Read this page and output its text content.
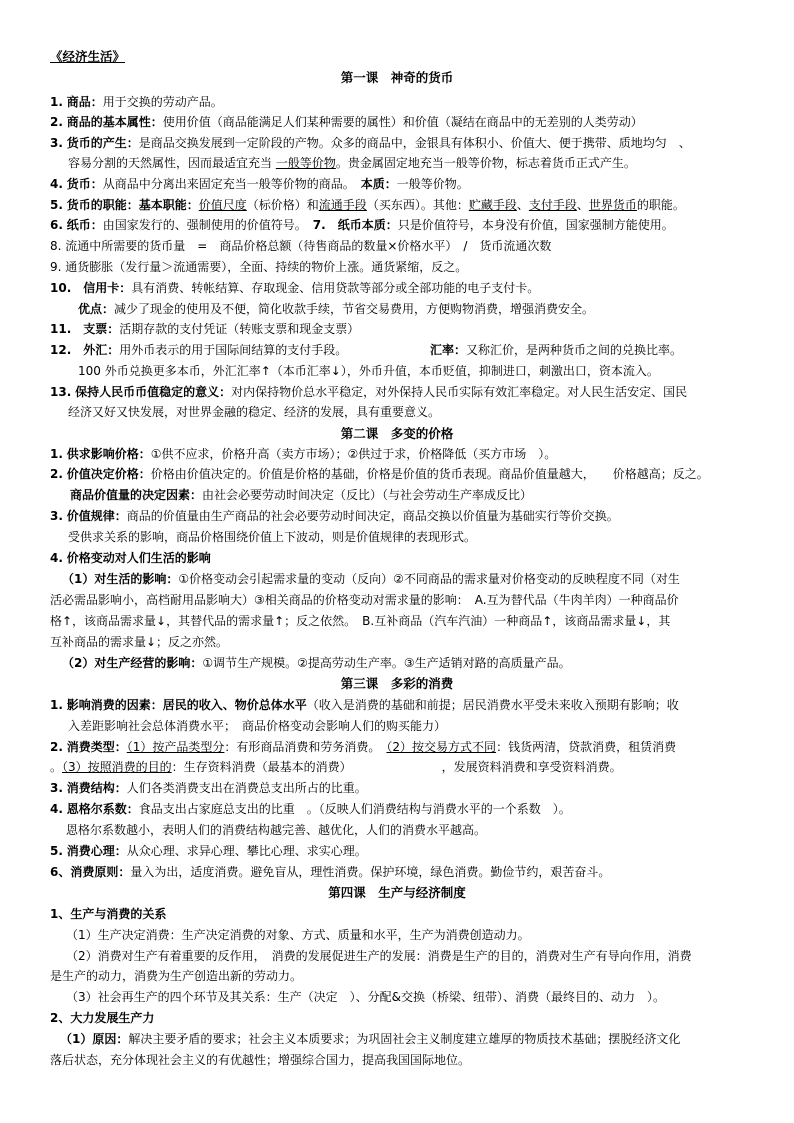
《经济生活》
第一课　神奇的货币
1. 商品：用于交换的劳动产品。
2. 商品的基本属性：使用价值（商品能满足人们某种需要的属性）和价值（凝结在商品中的无差别的人类劳动）
3. 货币的产生：是商品交换发展到一定阶段的产物。众多的商品中，金银具有体积小、价值大、便于携带、质地均匀　、
容易分割的天然属性，因而最适宜充当 一般等价物。贵金属固定地充当一般等价物，标志着货币正式产生。
4. 货币：从商品中分离出来固定充当一般等价物的商品。　本质：一般等价物。
5. 货币的职能：基本职能：价值尺度（标价格）和流通手段（买东西）。其他：贮藏手段、支付手段、世界货币的职能。
6. 纸币：由国家发行的、强制使用的价值符号。　7.　纸币本质：只是价值符号，本身没有价值，国家强制方能使用。
8. 流通中所需要的货币量　=　商品价格总额（待售商品的数量×价格水平）　/　货币流通次数
9. 通货膨胀（发行量＞流通需要），全面、持续的物价上涨。通货紧缩，反之。
10.　 信用卡：具有消费、转帐结算、存取现金、信用贷款等部分或全部功能的电子支付卡。
优点：减少了现金的使用及不便，简化收款手续，节省交易费用，方便购物消费，增强消费安全。
11.　 支票：活期存款的支付凭证（转账支票和现金支票）
12.　 外汇：用外币表示的用于国际间结算的支付手段。	汇率：又称汇价，是两种货币之间的兑换比率。
100 外币兑换更多本币，外汇汇率↑（本币汇率↓），外币升值，本币贬值，抑制进口，刺激出口，资本流入。
13. 保持人民币币值稳定的意义：对内保持物价总水平稳定，对外保持人民币实际有效汇率稳定。对人民生活安定、国民
经济又好又快发展，对世界金融的稳定、经济的发展，具有重要意义。
第二课　多变的价格
1. 供求影响价格：①供不应求，价格升高（卖方市场）；②供过于求，价格降低（买方市场　）。
2. 价值决定价格：价格由价值决定的。价值是价格的基础，价格是价值的货币表现。商品价值量越大，　　价格越高；反之。
商品价值量的决定因素：由社会必要劳动时间决定（反比）（与社会劳动生产率成反比）
3. 价值规律：商品的价值量由生产商品的社会必要劳动时间决定，商品交换以价值量为基础实行等价交换。
受供求关系的影响，商品价格围绕价值上下波动，则是价值规律的表现形式。
4. 价格变动对人们生活的影响
（1）对生活的影响：①价格变动会引起需求量的变动（反向）②不同商品的需求量对价格变动的反映程度不同（对生
活必需品影响小，高档耐用品影响大）③相关商品的价格变动对需求量的影响：　A.互为替代品（牛肉羊肉）一种商品价
格↑，该商品需求量↓，其替代品的需求量↑；反之依然。　B.互补商品（汽车汽油）一种商品↑，该商品需求量↓，其
互补商品的需求量↓；反之亦然。
（2）对生产经营的影响：①调节生产规模。②提高劳动生产率。③生产适销对路的高质量产品。
第三课　多彩的消费
1. 影响消费的因素：居民的收入、物价总体水平（收入是消费的基础和前提；居民消费水平受未来收入预期有影响；收
入差距影响社会总体消费水平；　商品价格变动会影响人们的购买能力）
2. 消费类型：（1）按产品类型分：有形商品消费和劳务消费。　（2）按交易方式不同：钱货两清，贷款消费，租赁消费
。（3）按照消费的目的：生存资料消费（最基本的消费）　　　　　　　　，发展资料消费和享受资料消费。
3. 消费结构：人们各类消费支出在消费总支出所占的比重。
4. 恩格尔系数：食品支出占家庭总支出的比重　。（反映人们消费结构与消费水平的一个系数　）。
恩格尔系数越小，表明人们的消费结构越完善、越优化，人们的消费水平越高。
5. 消费心理：从众心理、求异心理、攀比心理、求实心理。
6、消费原则：量入为出，适度消费。避免盲从，理性消费。保护环境，绿色消费。勤俭节约，艰苦奋斗。
第四课　生产与经济制度
1、生产与消费的关系
（1）生产决定消费：生产决定消费的对象、方式、质量和水平，生产为消费创造动力。
（2）消费对生产有着重要的反作用，　消费的发展促进生产的发展：消费是生产的目的，消费对生产有导向作用，消费
是生产的动力，消费为生产创造出新的劳动力。
（3）社会再生产的四个环节及其关系：生产（决定　）、分配&交换（桥梁、纽带）、消费（最终目的、动力　）。
2、大力发展生产力
（1）原因：解决主要矛盾的要求；社会主义本质要求；为巩固社会主义制度建立雄厚的物质技术基础；摆脱经济文化
落后状态，充分体现社会主义的有优越性；增强综合国力，提高我国国际地位。
